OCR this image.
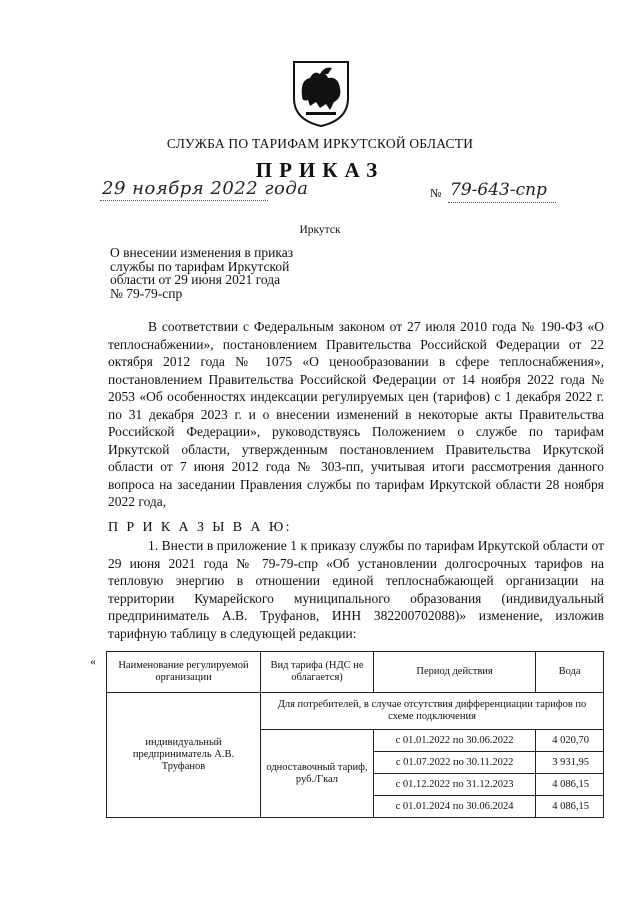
СЛУЖБА ПО ТАРИФАМ ИРКУТСКОЙ ОБЛАСТИ
ПРИКАЗ
29 ноября 2022 года	№ 79-643-спр
Иркутск
О внесении изменения в приказ
службы по тарифам Иркутской
области от 29 июня 2021 года
№ 79-79-спр

В соответствии с Федеральным законом от 27 июля 2010 года № 190-ФЗ «О теплоснабжении», постановлением Правительства Российской Федерации от 22 октября 2012 года № 1075 «О ценообразовании в сфере теплоснабжения», постановлением Правительства Российской Федерации от 14 ноября 2022 года № 2053 «Об особенностях индексации регулируемых цен (тарифов) с 1 декабря 2022 г. по 31 декабря 2023 г. и о внесении изменений в некоторые акты Правительства Российской Федерации», руководствуясь Положением о службе по тарифам Иркутской области, утвержденным постановлением Правительства Иркутской области от 7 июня 2012 года № 303-пп, учитывая итоги рассмотрения данного вопроса на заседании Правления службы по тарифам Иркутской области 28 ноября 2022 года,

П Р И К А З Ы В А Ю:

1. Внести в приложение 1 к приказу службы по тарифам Иркутской области от 29 июня 2021 года № 79-79-спр «Об установлении долгосрочных тарифов на тепловую энергию в отношении единой теплоснабжающей организации на территории Кумарейского муниципального образования (индивидуальный предприниматель А.В. Труфанов, ИНН 382200702088)» изменение, изложив тарифную таблицу в следующей редакции:

« Наименование регулируемой организации	Вид тарифа (НДС не облагается)	Период действия	Вода
индивидуальный предприниматель А.В. Труфанов	Для потребителей, в случае отсутствия дифференциации тарифов по схеме подключения		
	одноставочный тариф, руб./Гкал	с 01.01.2022 по 30.06.2022	4 020,70
		с 01.07.2022 по 30.11.2022	3 931,95
		с 01.12.2022 по 31.12.2023	4 086,15
		с 01.01.2024 по 30.06.2024	4 086,15
